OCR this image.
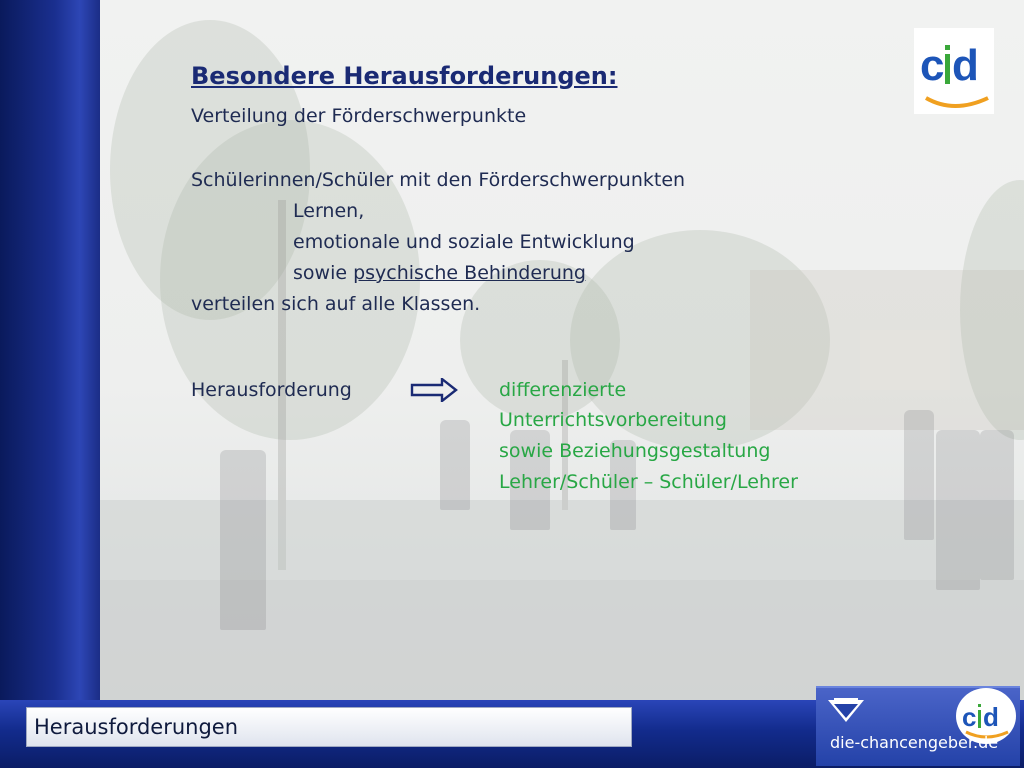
c d
Besondere Herausforderungen:
Verteilung der Förderschwerpunkte
Schülerinnen/Schüler mit den Förderschwerpunkten
Lernen,
emotionale und soziale Entwicklung
sowie psychische Behinderung
verteilen sich auf alle Klassen.
Herausforderung	differenzierte
Unterrichtsvorbereitung
sowie Beziehungsgestaltung
Lehrer/Schüler – Schüler/Lehrer
Herausforderungen	c d
die-chancengeber.de
